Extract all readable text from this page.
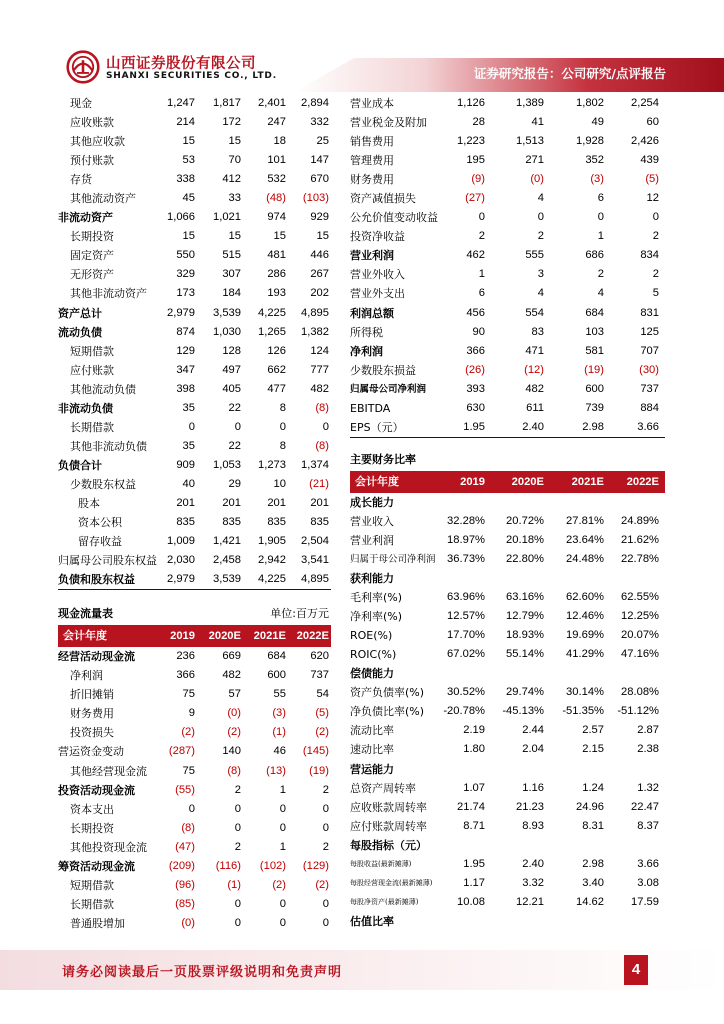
山西证券股份有限公司
SHANXI SECURITIES CO., LTD.	证券研究报告：公司研究/点评报告
现金	1,247 1,817 2,401 2,894
应收账款	214 172 247 332
其他应收款	15	15	18	25
预付账款	53	70 101 147
存货	338 412 532 670
其他流动资产	45	33 (48) (103)
非流动资产	1,066 1,021 974 929
长期投资	15	15	15	15
固定资产	550 515 481 446
无形资产	329 307 286 267
其他非流动资产	173 184 193 202
资产总计	2,979 3,539 4,225 4,895
流动负债	874 1,030 1,265 1,382
短期借款	129 128 126 124
应付账款	347 497 662 777
其他流动负债	398 405 477 482
非流动负债	35	22	8	(8)
长期借款	0	0	0	0
其他非流动负债	35	22	8	(8)
负债合计	909 1,053 1,273 1,374
少数股东权益	40	29	10 (21)
股本	201 201 201 201
资本公积	835 835 835 835
留存收益	1,009 1,421 1,905 2,504
归属母公司股东权益 2,030 2,458 2,942 3,541
负债和股东权益	2,979 3,539 4,225 4,895
现金流量表	单位:百万元
会计年度	2019 2020E 2021E 2022E
经营活动现金流	236 669 684 620
净利润	366 482 600 737
折旧摊销	75	57	55	54
财务费用	9	(0)	(3)	(5)
投资损失	(2)	(2)	(1)	(2)
营运资金变动	(287) 140	46 (145)
其他经营现金流	75	(8) (13) (19)
投资活动现金流	(55)	2	1	2
资本支出	0	0	0	0
长期投资	(8)	0	0	0
其他投资现金流	(47)	2	1	2
筹资活动现金流	(209) (116) (102) (129)
短期借款	(96)	(1)	(2)	(2)
长期借款	(85)	0	0	0
普通股增加	(0)	0	0	0
营业成本	1,126	1,389	1,802 2,254
营业税金及附加	28	41	49	60
销售费用	1,223	1,513	1,928 2,426
管理费用	195	271	352	439
财务费用	(9)	(0)	(3)	(5)
资产减值损失	(27)	4	6	12
公允价值变动收益	0	0	0	0
投资净收益	2	2	1	2
营业利润	462	555	686	834
营业外收入	1	3	2	2
营业外支出	6	4	4	5
利润总额	456	554	684	831
所得税	90	83	103	125
净利润	366	471	581	707
少数股东损益	(26)	(12)	(19)	(30)
归属母公司净利润	393	482	600	737
EBITDA	630	611	739	884
EPS（元）	1.95	2.40	2.98	3.66
主要财务比率
会计年度	2019 2020E 2021E 2022E
成长能力
营业收入	32.28% 20.72% 27.81% 24.89%
营业利润	18.97% 20.18% 23.64% 21.62%
归属于母公司净利润 36.73% 22.80% 24.48% 22.78%
获利能力
毛利率(%)	63.96% 63.16% 62.60% 62.55%
净利率(%)	12.57% 12.79% 12.46% 12.25%
ROE(%)	17.70% 18.93% 19.69% 20.07%
ROIC(%)	67.02% 55.14% 41.29% 47.16%
偿债能力
资产负债率(%) 30.52% 29.74% 30.14% 28.08%
净负债比率(%) -20.78% -45.13% -51.35% -51.12%
流动比率	2.19	2.44	2.57	2.87
速动比率	1.80	2.04	2.15	2.38
营运能力
总资产周转率	1.07	1.16	1.24	1.32
应收账款周转率	21.74	21.23	24.96 22.47
应付账款周转率	8.71	8.93	8.31	8.37
每股指标（元）
每股收益(最新摊薄)	1.95	2.40	2.98	3.66
每股经营现金流(最新摊薄)	1.17	3.32	3.40	3.08
每股净资产(最新摊薄)	10.08	12.21	14.62 17.59
估值比率
请务必阅读最后一页股票评级说明和免责声明	4
